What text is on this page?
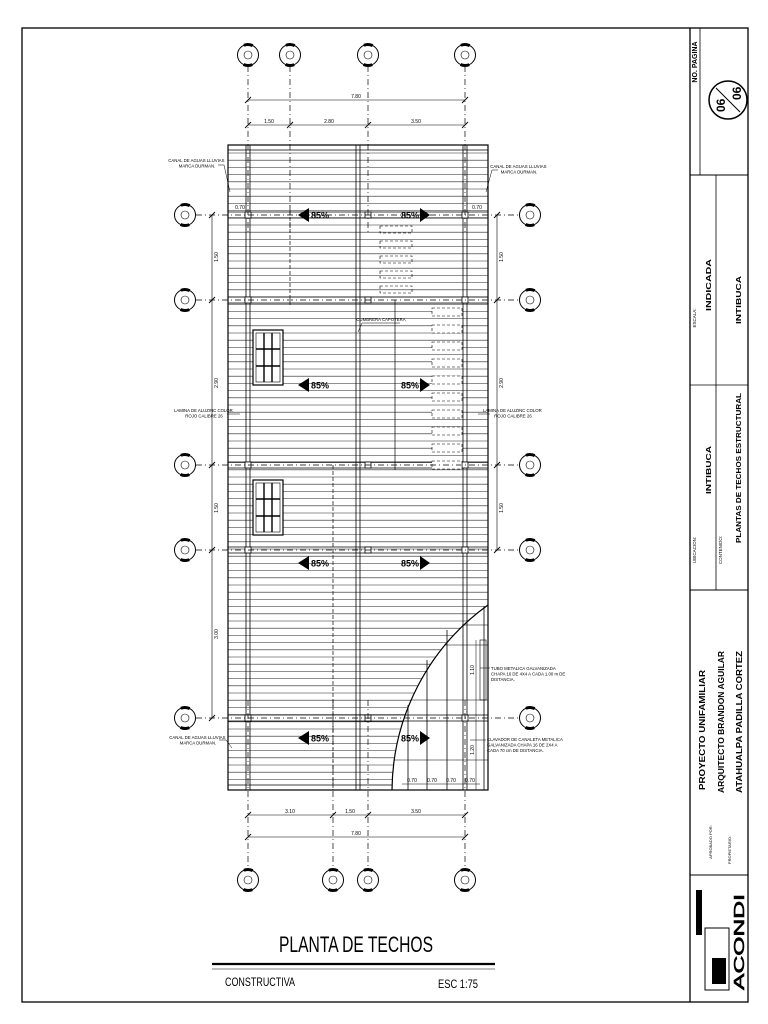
7.80
1.50	2.80	3.50
3.10	1.50	3.50
7.80
1.50
2.90
1.50
3.00
1.50
2.90
1.50
1.10
1.20
0.70	0.70
0.70 0.70 0.70 0.70
85%	85%
85%	85%
85%	85%
85%	85%
CANAL DE AGUAS LLUVIAS MARCA DURMAN.	CANAL DE AGUAS LLUVIAS MARCA DURMAN.
CANAL DE AGUAS LLUVIAS MARCA DURMAN.
LAMINA DE ALUZINC COLOR ROJO CALIBRE 26
LAMINA DE ALUZINC COLOR ROJO CALIBRE 26
CUMBRERA CAPOTERA
TUBO METALICA GALVANIZADA CHAPA 16 DE 4X4 A CADA 1.00 m DE DISTANCIA.
CLAVADOR DE CANALETA METALICA GALVANIZADA CHAPA 16 DE 2X4 A CADA 70 cm DE DISTANCIA.
PLANTA DE TECHOS
CONSTRUCTIVA	ESC 1:75
NO. PAGINA
06
06
ESCALA:
INDICADA	INTIBUCA
UBICACION:
INTIBUCA
CONTENIDO:
PLANTAS DE TECHOS ESTRUCTURAL
PROYECTO UNIFAMILIAR
APROBADO POR:
ARQUITECTO BRANDON AGUILAR
PROPIETARIO:
ATAHUALPA PADILLA CORTEZ
ACONDI
